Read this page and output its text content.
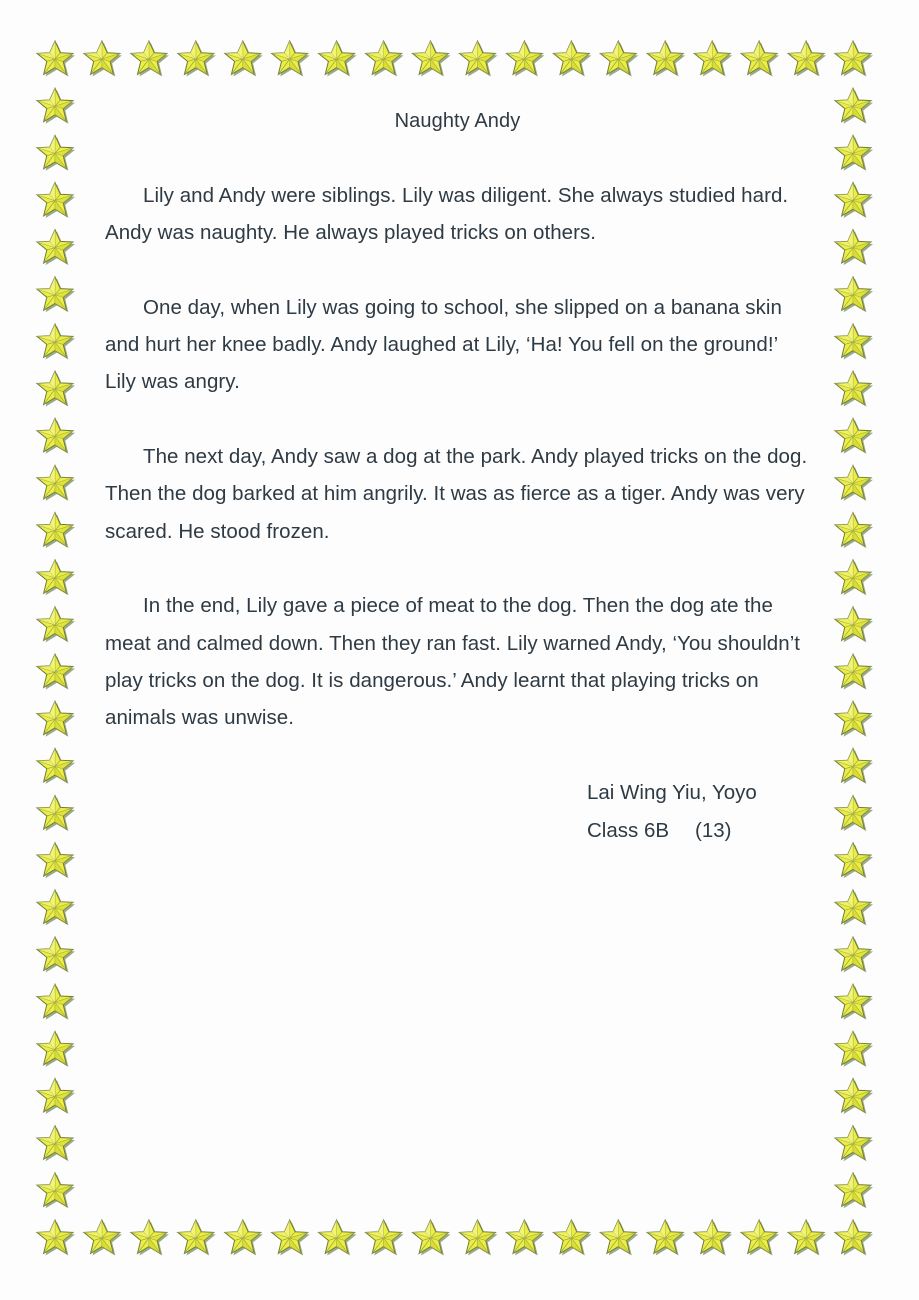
Naughty Andy

Lily and Andy were siblings. Lily was diligent. She always studied hard. Andy was naughty. He always played tricks on others.

One day, when Lily was going to school, she slipped on a banana skin and hurt her knee badly. Andy laughed at Lily, ‘Ha! You fell on the ground!’ Lily was angry.

The next day, Andy saw a dog at the park. Andy played tricks on the dog. Then the dog barked at him angrily. It was as fierce as a tiger. Andy was very scared. He stood frozen.

In the end, Lily gave a piece of meat to the dog. Then the dog ate the meat and calmed down. Then they ran fast. Lily warned Andy, ‘You shouldn’t play tricks on the dog. It is dangerous.’ Andy learnt that playing tricks on animals was unwise.

Lai Wing Yiu, Yoyo
Class 6B (13)
